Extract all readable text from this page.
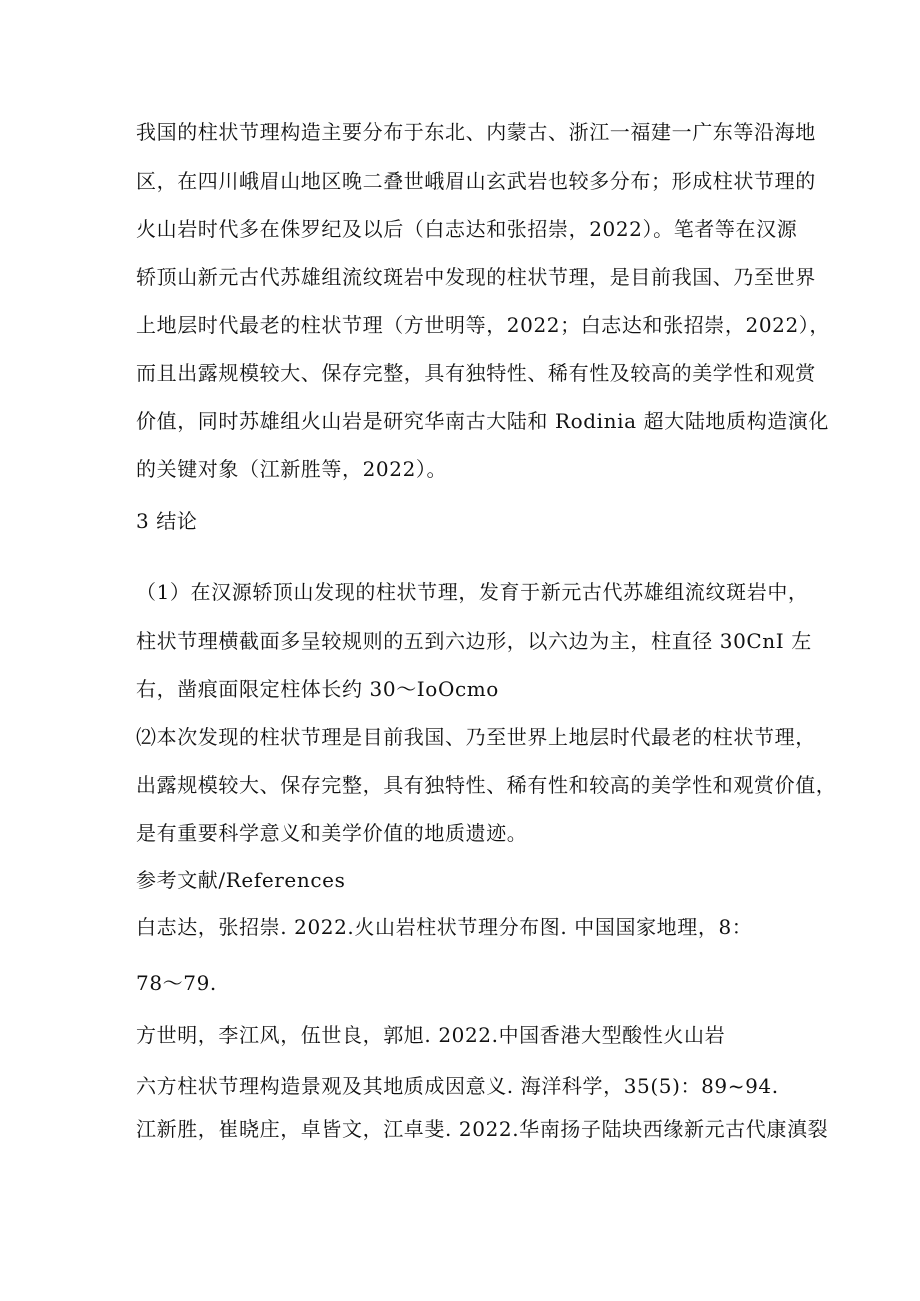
我国的柱状节理构造主要分布于东北、内蒙古、浙江一福建一广东等沿海地
区，在四川峨眉山地区晚二叠世峨眉山玄武岩也较多分布；形成柱状节理的
火山岩时代多在侏罗纪及以后（白志达和张招崇，2022）。笔者等在汉源
轿顶山新元古代苏雄组流纹斑岩中发现的柱状节理，是目前我国、乃至世界
上地层时代最老的柱状节理（方世明等，2022；白志达和张招崇，2022），
而且出露规模较大、保存完整，具有独特性、稀有性及较高的美学性和观赏
价值，同时苏雄组火山岩是研究华南古大陆和 Rodinia 超大陆地质构造演化
的关键对象（江新胜等，2022）。
3 结论
（1）在汉源轿顶山发现的柱状节理，发育于新元古代苏雄组流纹斑岩中，
柱状节理横截面多呈较规则的五到六边形，以六边为主，柱直径 30CnI 左
右，凿痕面限定柱体长约 30～IoOcmo
⑵本次发现的柱状节理是目前我国、乃至世界上地层时代最老的柱状节理，
出露规模较大、保存完整，具有独特性、稀有性和较高的美学性和观赏价值，
是有重要科学意义和美学价值的地质遗迹。
参考文献/References
白志达，张招崇. 2022.火山岩柱状节理分布图. 中国国家地理，8：
78～79.
方世明，李江风，伍世良，郭旭. 2022.中国香港大型酸性火山岩
六方柱状节理构造景观及其地质成因意义. 海洋科学，35(5)：89~94.
江新胜，崔晓庄，卓皆文，江卓斐. 2022.华南扬子陆块西缘新元古代康滇裂
